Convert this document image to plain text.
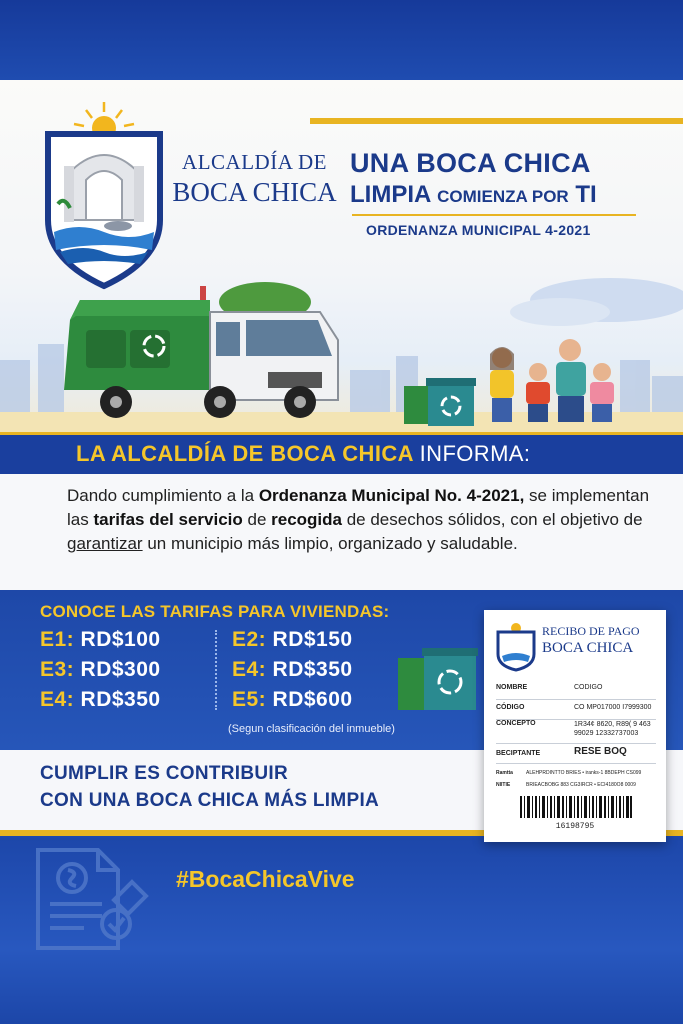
ALCALDÍA DE
BOCA CHICA
UNA BOCA CHICA
LIMPIA COMIENZA POR TI
ORDENANZA MUNICIPAL 4-2021
LA ALCALDÍA DE BOCA CHICA INFORMA:

Dando cumplimiento a la Ordenanza Municipal No. 4-2021, se implementan las tarifas del servicio de recogida de desechos sólidos, con el objetivo de garantizar un municipio más limpio, organizado y saludable.

CONOCE LAS TARIFAS PARA VIVIENDAS:
E1: RD$100	E2: RD$150
E3: RD$300	E4: RD$350
E4: RD$350	E5: RD$600
(Segun clasificación del inmueble)
CUMPLIR ES CONTRIBUIR
CON UNA BOCA CHICA MÁS LIMPIA
RECIBO DE PAGO
BOCA CHICA
NOMBRE	CODIGO
CÓDIGO	CO MP017000 I7999300
CONCEPTO	1R34¢ 8620, R89( 9 463 99029 12332737003
BECIPTANTE	RESE BOQ
Ramtta	ALEHPRDINTTO BRIES • iranks-1 8BDEPH CS099
NIITIE	BRIEACBOBG 883 CG3IRCR • ECI4180O8 0009
16198795
#BocaChicaVive
